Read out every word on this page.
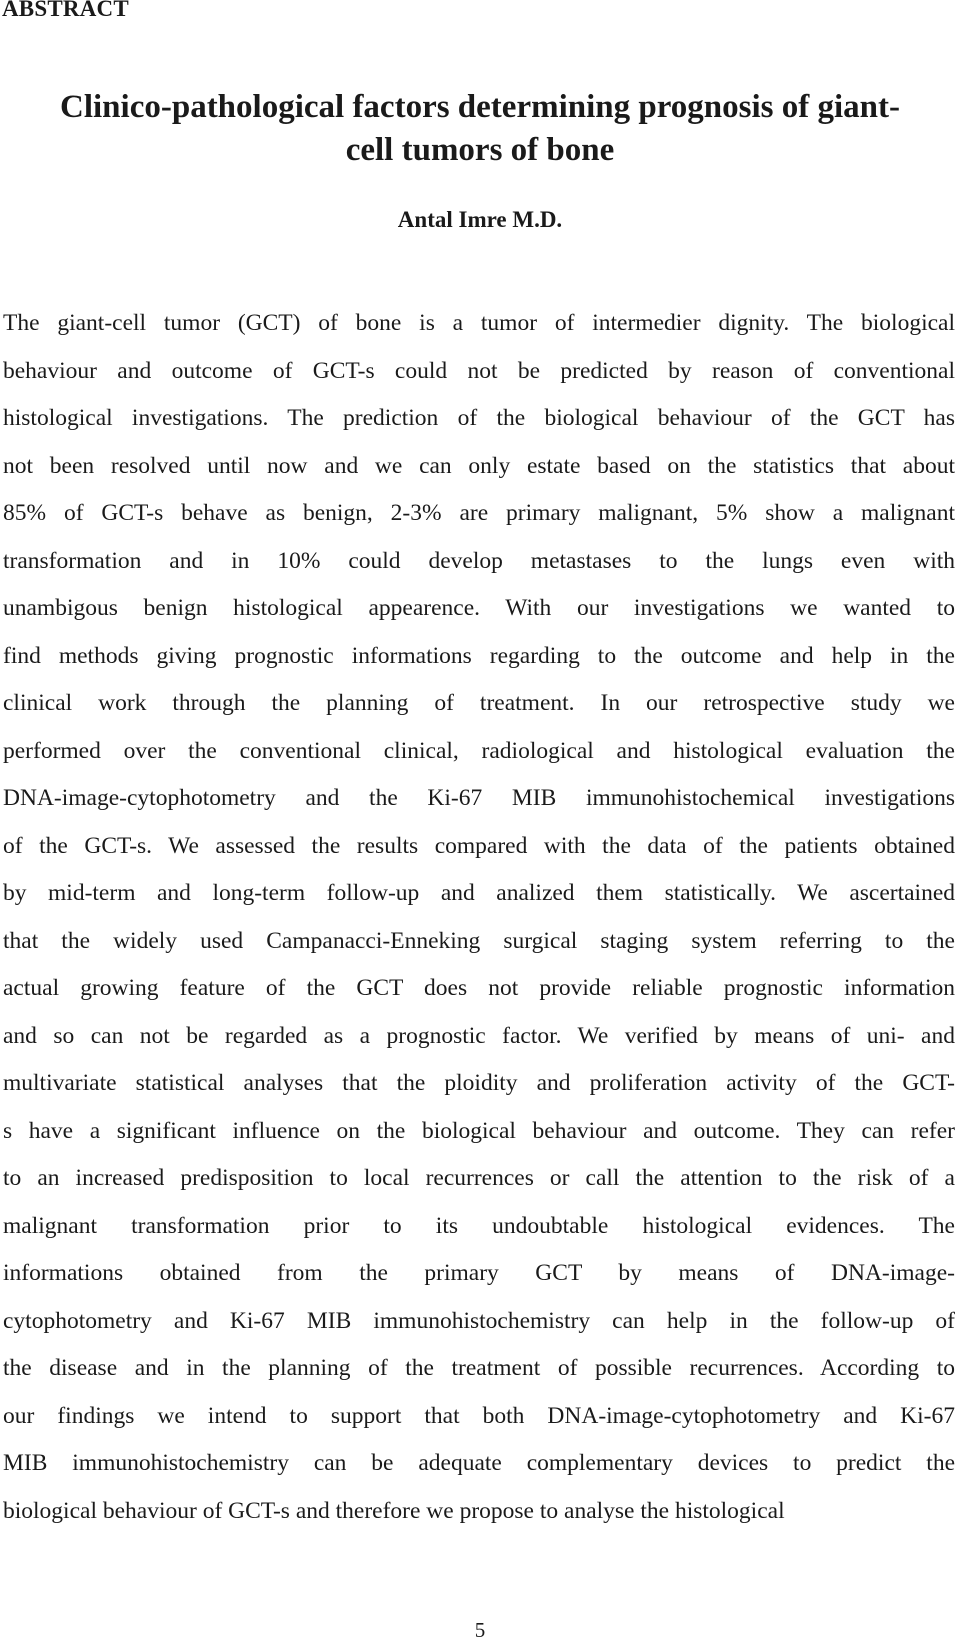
ABSTRACT
Clinico-pathological factors determining prognosis of giant-
cell tumors of bone

Antal Imre M.D.

The giant-cell tumor (GCT) of bone is a tumor of intermedier dignity. The biological
behaviour and outcome of GCT-s could not be predicted by reason of conventional
histological investigations. The prediction of the biological behaviour of the GCT has
not been resolved until now and we can only estate based on the statistics that about
85% of GCT-s behave as benign, 2-3% are primary malignant, 5% show a malignant
transformation and in 10% could develop metastases to the lungs even with
unambigous benign histological appearence. With our investigations we wanted to
find methods giving prognostic informations regarding to the outcome and help in the
clinical work through the planning of treatment. In our retrospective study we
performed over the conventional clinical, radiological and histological evaluation the
DNA-image-cytophotometry and the Ki-67 MIB immunohistochemical investigations
of the GCT-s. We assessed the results compared with the data of the patients obtained
by mid-term and long-term follow-up and analized them statistically. We ascertained
that the widely used Campanacci-Enneking surgical staging system referring to the
actual growing feature of the GCT does not provide reliable prognostic information
and so can not be regarded as a prognostic factor. We verified by means of uni- and
multivariate statistical analyses that the ploidity and proliferation activity of the GCT-
s have a significant influence on the biological behaviour and outcome. They can refer
to an increased predisposition to local recurrences or call the attention to the risk of a
malignant transformation prior to its undoubtable histological evidences. The
informations obtained from the primary GCT by means of DNA-image-
cytophotometry and Ki-67 MIB immunohistochemistry can help in the follow-up of
the disease and in the planning of the treatment of possible recurrences. According to
our findings we intend to support that both DNA-image-cytophotometry and Ki-67
MIB immunohistochemistry can be adequate complementary devices to predict the
biological behaviour of GCT-s and therefore we propose to analyse the histological

5
